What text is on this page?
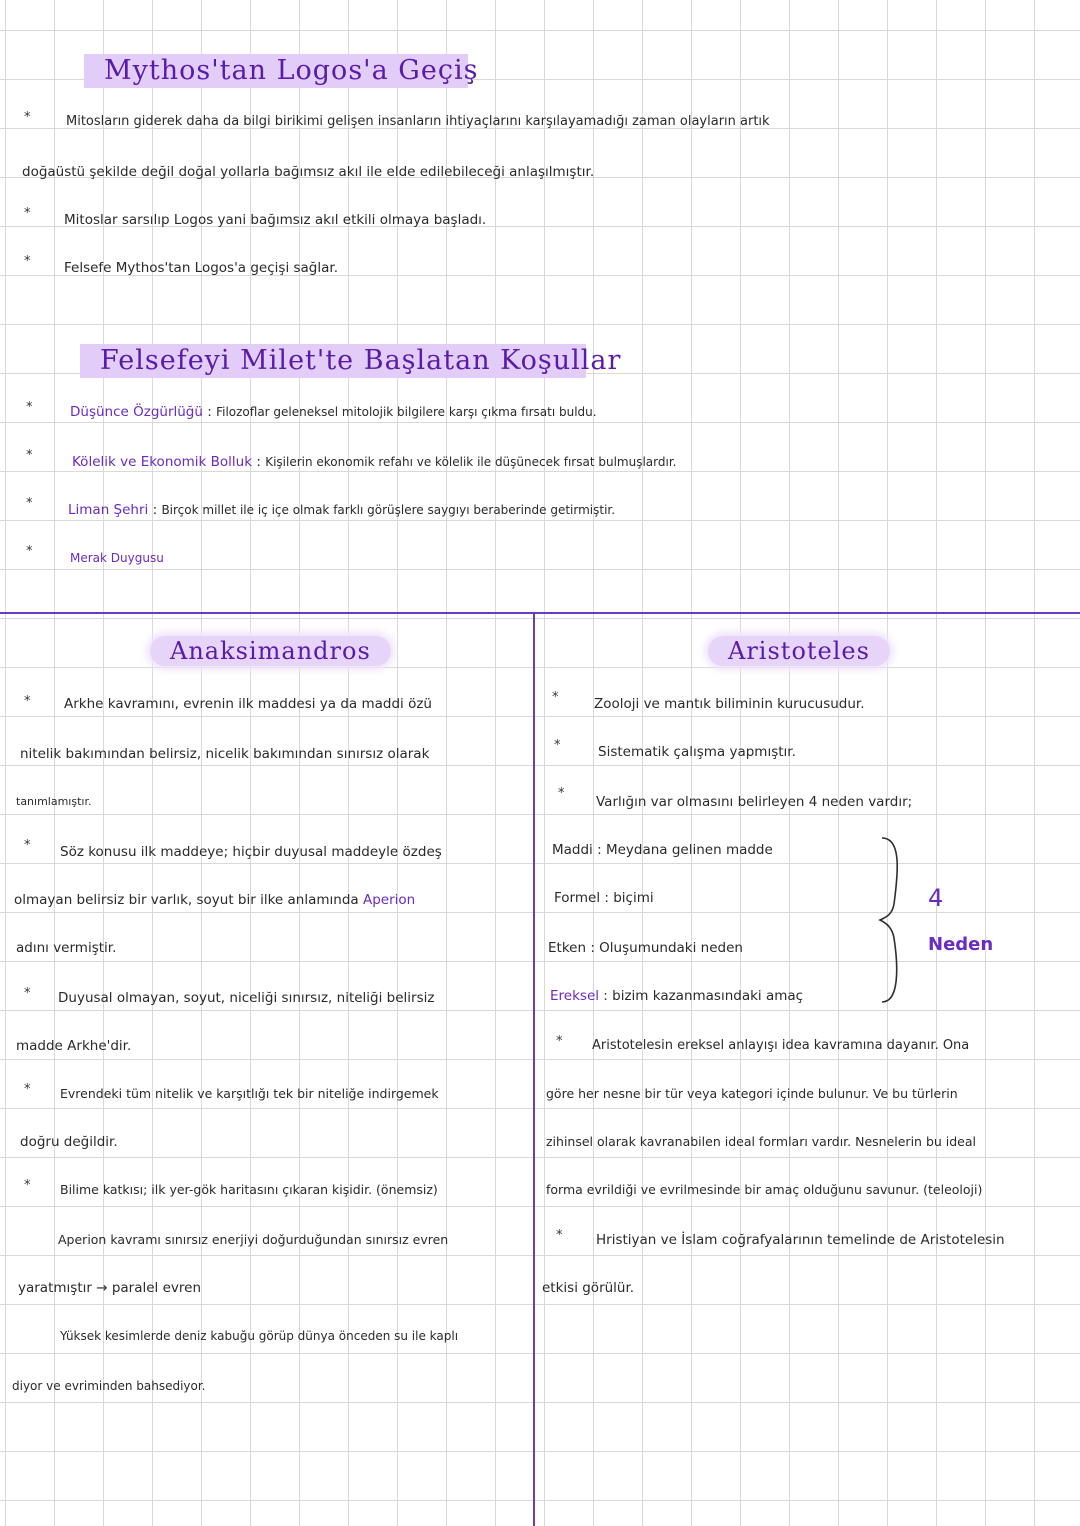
Mythos'tan Logos'a Geçiş
*	Mitosların giderek daha da bilgi birikimi gelişen insanların ihtiyaçlarını karşılayamadığı zaman olayların artık
doğaüstü şekilde değil doğal yollarla bağımsız akıl ile elde edilebileceği anlaşılmıştır.
* Mitoslar sarsılıp Logos yani bağımsız akıl etkili olmaya başladı.
* Felsefe Mythos'tan Logos'a geçişi sağlar.
Felsefeyi Milet'te Başlatan Koşullar
*	Düşünce Özgürlüğü : Filozoflar geleneksel mitolojik bilgilere karşı çıkma fırsatı buldu.
*	Kölelik ve Ekonomik Bolluk : Kişilerin ekonomik refahı ve kölelik ile düşünecek fırsat bulmuşlardır.
*	Liman Şehri : Birçok millet ile iç içe olmak farklı görüşlere saygıyı beraberinde getirmiştir.
*	Merak Duygusu
Anaksimandros
* Arkhe kavramını, evrenin ilk maddesi ya da maddi özü
nitelik bakımından belirsiz, nicelik bakımından sınırsız olarak
tanımlamıştır.
* Söz konusu ilk maddeye; hiçbir duyusal maddeyle özdeş
olmayan belirsiz bir varlık, soyut bir ilke anlamında Aperion
adını vermiştir.
* Duyusal olmayan, soyut, niceliği sınırsız, niteliği belirsiz
madde Arkhe'dir.
* Evrendeki tüm nitelik ve karşıtlığı tek bir niteliğe indirgemek
doğru değildir.
* Bilime katkısı; ilk yer-gök haritasını çıkaran kişidir. (önemsiz)
Aperion kavramı sınırsız enerjiyi doğurduğundan sınırsız evren
yaratmıştır → paralel evren
Yüksek kesimlerde deniz kabuğu görüp dünya önceden su ile kaplı
diyor ve evriminden bahsediyor.
Aristoteles
*	Zooloji ve mantık biliminin kurucusudur.
*	Sistematik çalışma yapmıştır.
*
Varlığın var olmasını belirleyen 4 neden vardır;
Maddi : Meydana gelinen madde
Formel : biçimi
Etken : Oluşumundaki neden
Ereksel : bizim kazanmasındaki amaç
4
Neden
* Aristotelesin ereksel anlayışı idea kavramına dayanır. Ona
göre her nesne bir tür veya kategori içinde bulunur. Ve bu türlerin
zihinsel olarak kavranabilen ideal formları vardır. Nesnelerin bu ideal
forma evrildiği ve evrilmesinde bir amaç olduğunu savunur. (teleoloji)
* Hristiyan ve İslam coğrafyalarının temelinde de Aristotelesin
etkisi görülür.
